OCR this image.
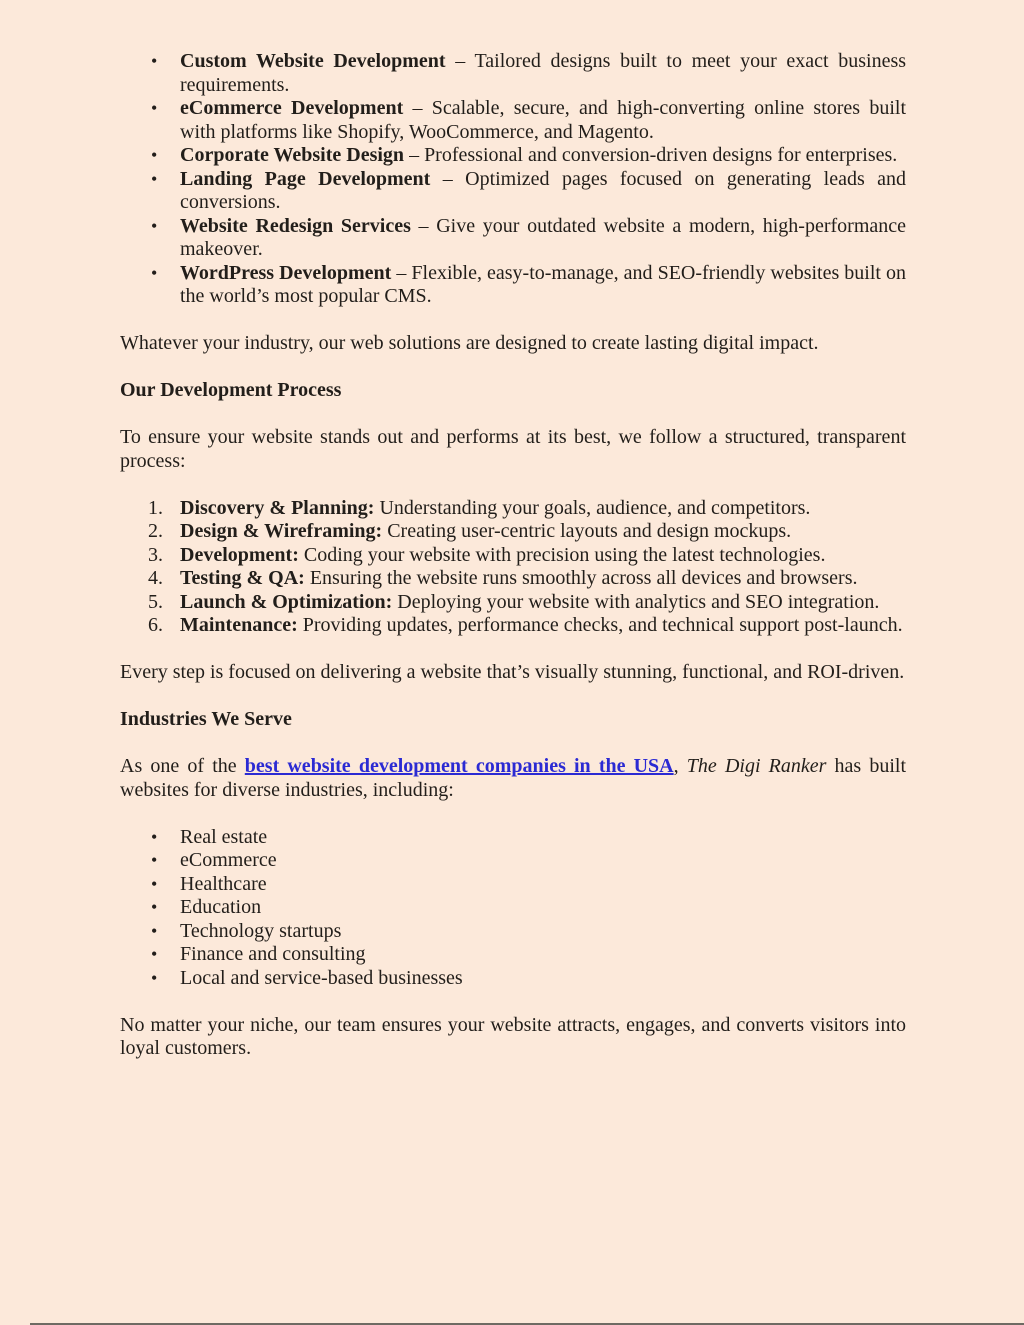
• Custom Website Development – Tailored designs built to meet your exact business requirements.
• eCommerce Development – Scalable, secure, and high-converting online stores built with platforms like Shopify, WooCommerce, and Magento.
• Corporate Website Design – Professional and conversion-driven designs for enterprises.
• Landing Page Development – Optimized pages focused on generating leads and conversions.
• Website Redesign Services – Give your outdated website a modern, high-performance makeover.
• WordPress Development – Flexible, easy-to-manage, and SEO-friendly websites built on the world’s most popular CMS.
Whatever your industry, our web solutions are designed to create lasting digital impact.
Our Development Process
To ensure your website stands out and performs at its best, we follow a structured, transparent process:
1. Discovery & Planning: Understanding your goals, audience, and competitors.
2. Design & Wireframing: Creating user-centric layouts and design mockups.
3. Development: Coding your website with precision using the latest technologies.
4. Testing & QA: Ensuring the website runs smoothly across all devices and browsers.
5. Launch & Optimization: Deploying your website with analytics and SEO integration.
6. Maintenance: Providing updates, performance checks, and technical support post-launch.
Every step is focused on delivering a website that’s visually stunning, functional, and ROI-driven.
Industries We Serve
As one of the best website development companies in the USA, The Digi Ranker has built websites for diverse industries, including:
• Real estate
• eCommerce
• Healthcare
• Education
• Technology startups
• Finance and consulting
• Local and service-based businesses
No matter your niche, our team ensures your website attracts, engages, and converts visitors into loyal customers.
